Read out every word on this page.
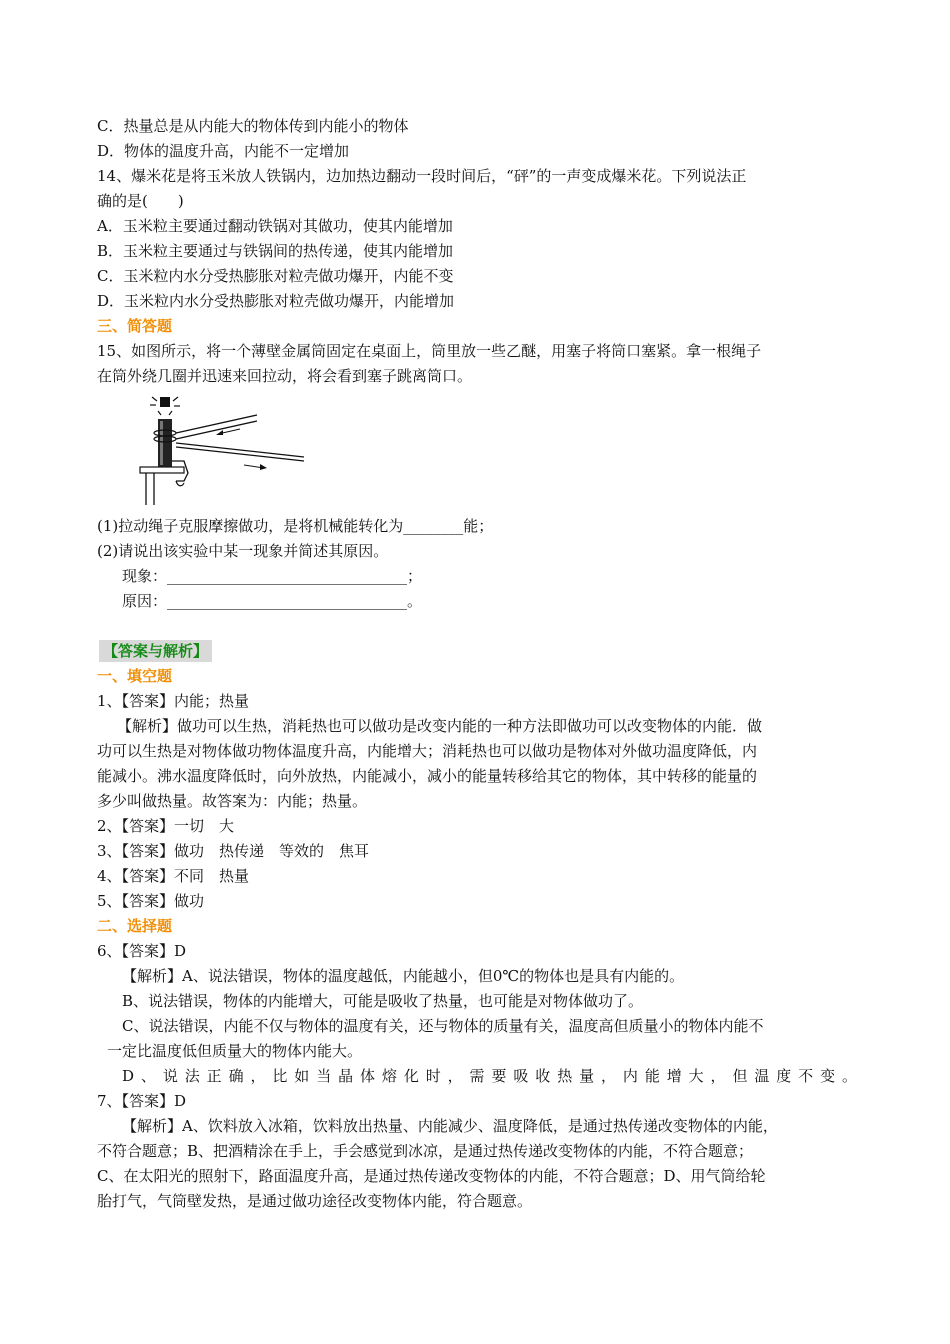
C．热量总是从内能大的物体传到内能小的物体
D．物体的温度升高，内能不一定增加
14、爆米花是将玉米放人铁锅内，边加热边翻动一段时间后，“砰”的一声变成爆米花。下列说法正
确的是(　　)
A．玉米粒主要通过翻动铁锅对其做功，使其内能增加
B．玉米粒主要通过与铁锅间的热传递，使其内能增加
C．玉米粒内水分受热膨胀对粒壳做功爆开，内能不变
D．玉米粒内水分受热膨胀对粒壳做功爆开，内能增加
三、简答题
15、如图所示，将一个薄壁金属筒固定在桌面上，筒里放一些乙醚，用塞子将筒口塞紧。拿一根绳子
在筒外绕几圈并迅速来回拉动，将会看到塞子跳离筒口。
(1)拉动绳子克服摩擦做功，是将机械能转化为________能；
(2)请说出该实验中某一现象并简述其原因。
现象：________________________________；
原因：________________________________。
【答案与解析】
一、填空题
1、【答案】内能；热量
【解析】做功可以生热，消耗热也可以做功是改变内能的一种方法即做功可以改变物体的内能．做
功可以生热是对物体做功物体温度升高，内能增大；消耗热也可以做功是物体对外做功温度降低，内
能减小。沸水温度降低时，向外放热，内能减小，减小的能量转移给其它的物体，其中转移的能量的
多少叫做热量。故答案为：内能；热量。
2、【答案】一切　大
3、【答案】做功　热传递　等效的　焦耳
4、【答案】不同　热量
5、【答案】做功
二、选择题
6、【答案】D
【解析】A、说法错误，物体的温度越低，内能越小，但0℃的物体也是具有内能的。
B、说法错误，物体的内能增大，可能是吸收了热量，也可能是对物体做功了。
C、说法错误，内能不仅与物体的温度有关，还与物体的质量有关，温度高但质量小的物体内能不
一定比温度低但质量大的物体内能大。
D、说法正确，比如当晶体熔化时，需要吸收热量，内能增大，但温度不变。
7、【答案】D
【解析】A、饮料放入冰箱，饮料放出热量、内能减少、温度降低，是通过热传递改变物体的内能，
不符合题意；B、把酒精涂在手上，手会感觉到冰凉，是通过热传递改变物体的内能，不符合题意；
C、在太阳光的照射下，路面温度升高，是通过热传递改变物体的内能，不符合题意；D、用气筒给轮
胎打气，气筒壁发热，是通过做功途径改变物体内能，符合题意。
